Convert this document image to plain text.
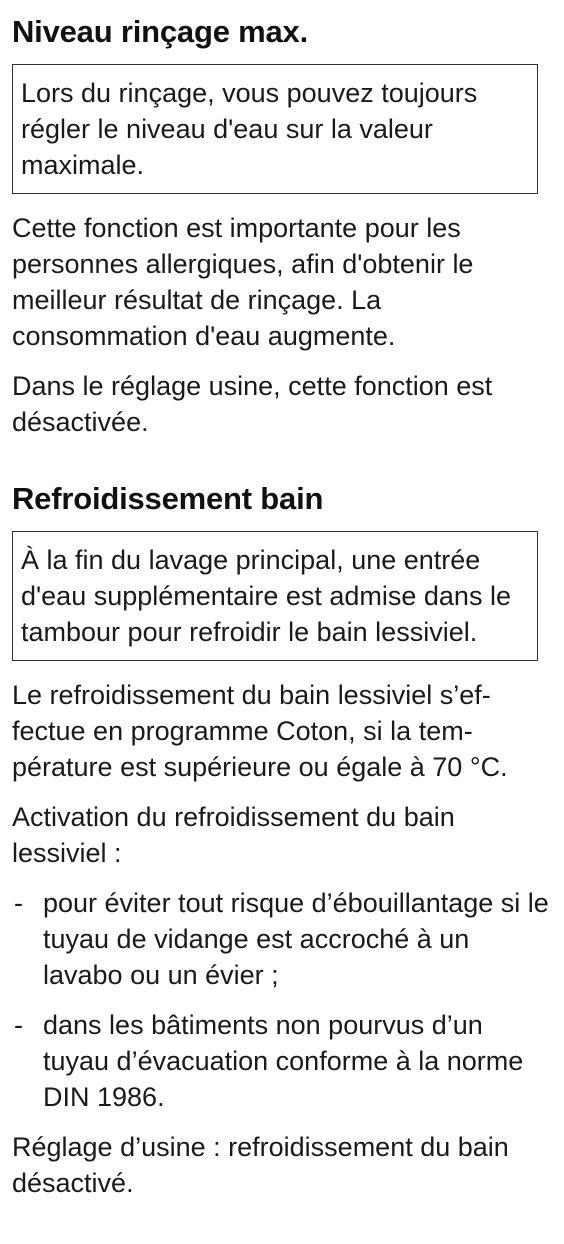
Niveau rinçage max.
Lors du rinçage, vous pouvez toujours régler le niveau d'eau sur la valeur maximale.

Cette fonction est importante pour les personnes allergiques, afin d'obtenir le meilleur résultat de rinçage. La consommation d'eau augmente.

Dans le réglage usine, cette fonction est désactivée.

Refroidissement bain
À la fin du lavage principal, une entrée d'eau supplémentaire est admise dans le tambour pour refroidir le bain lessiviel.

Le refroidissement du bain lessiviel s’effectue en programme Coton, si la température est supérieure ou égale à 70 °C.

Activation du refroidissement du bain lessiviel :

- pour éviter tout risque d’ébouillantage si le tuyau de vidange est accroché à un lavabo ou un évier ;
- dans les bâtiments non pourvus d’un tuyau d’évacuation conforme à la norme DIN 1986.

Réglage d’usine : refroidissement du bain désactivé.
